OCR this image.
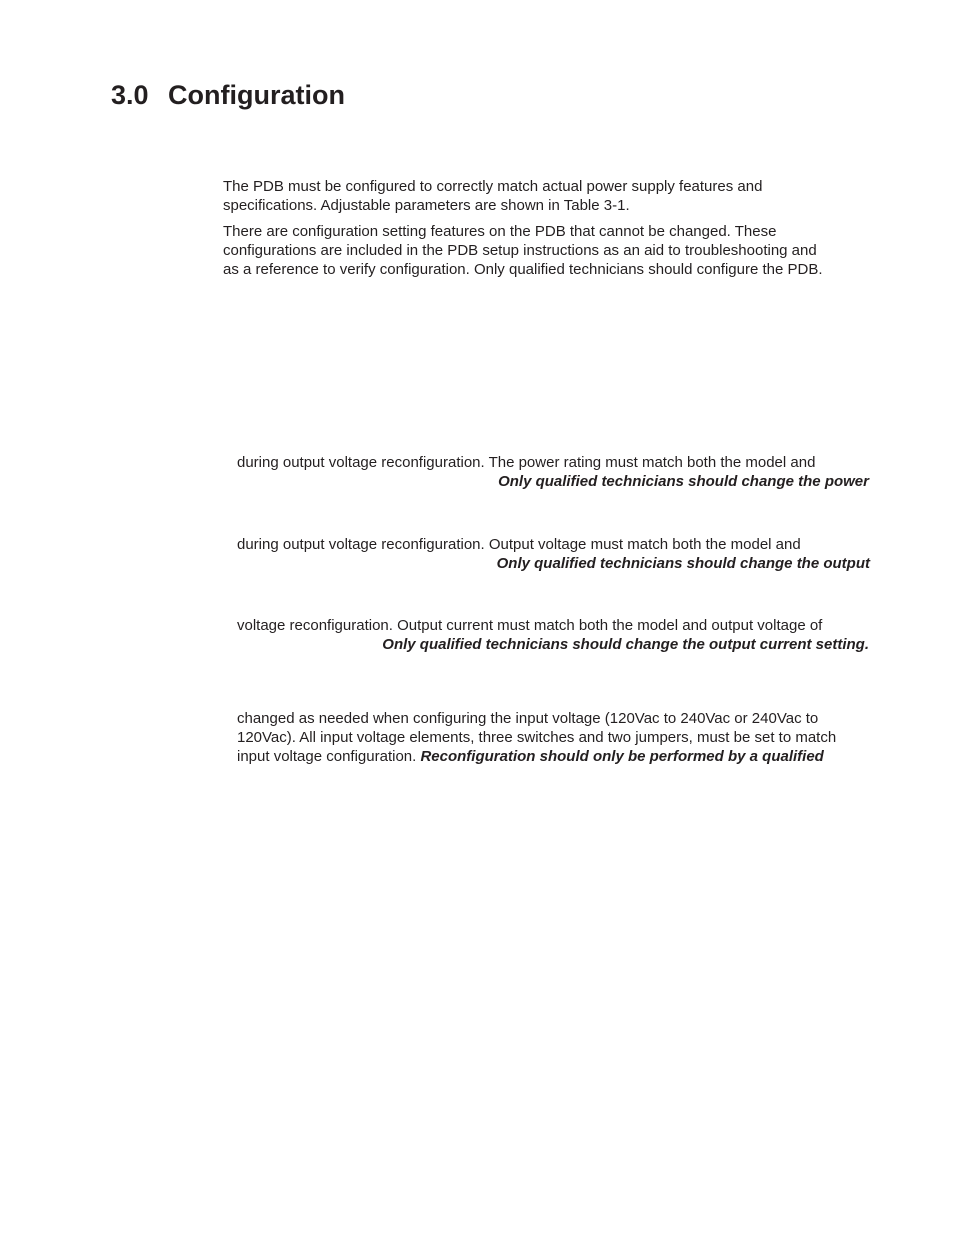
3.0 Configuration
The PDB must be configured to correctly match actual power supply features and
specifications. Adjustable parameters are shown in Table 3-1.
There are configuration setting features on the PDB that cannot be changed. These
configurations are included in the PDB setup instructions as an aid to troubleshooting and
as a reference to verify configuration. Only qualified technicians should configure the PDB.
during output voltage reconfiguration. The power rating must match both the model and
Only qualified technicians should change the power
during output voltage reconfiguration. Output voltage must match both the model and
Only qualified technicians should change the output
voltage reconfiguration. Output current must match both the model and output voltage of
Only qualified technicians should change the output current setting.
changed as needed when configuring the input voltage (120Vac to 240Vac or 240Vac to
120Vac). All input voltage elements, three switches and two jumpers, must be set to match
input voltage configuration. Reconfiguration should only be performed by a qualified
